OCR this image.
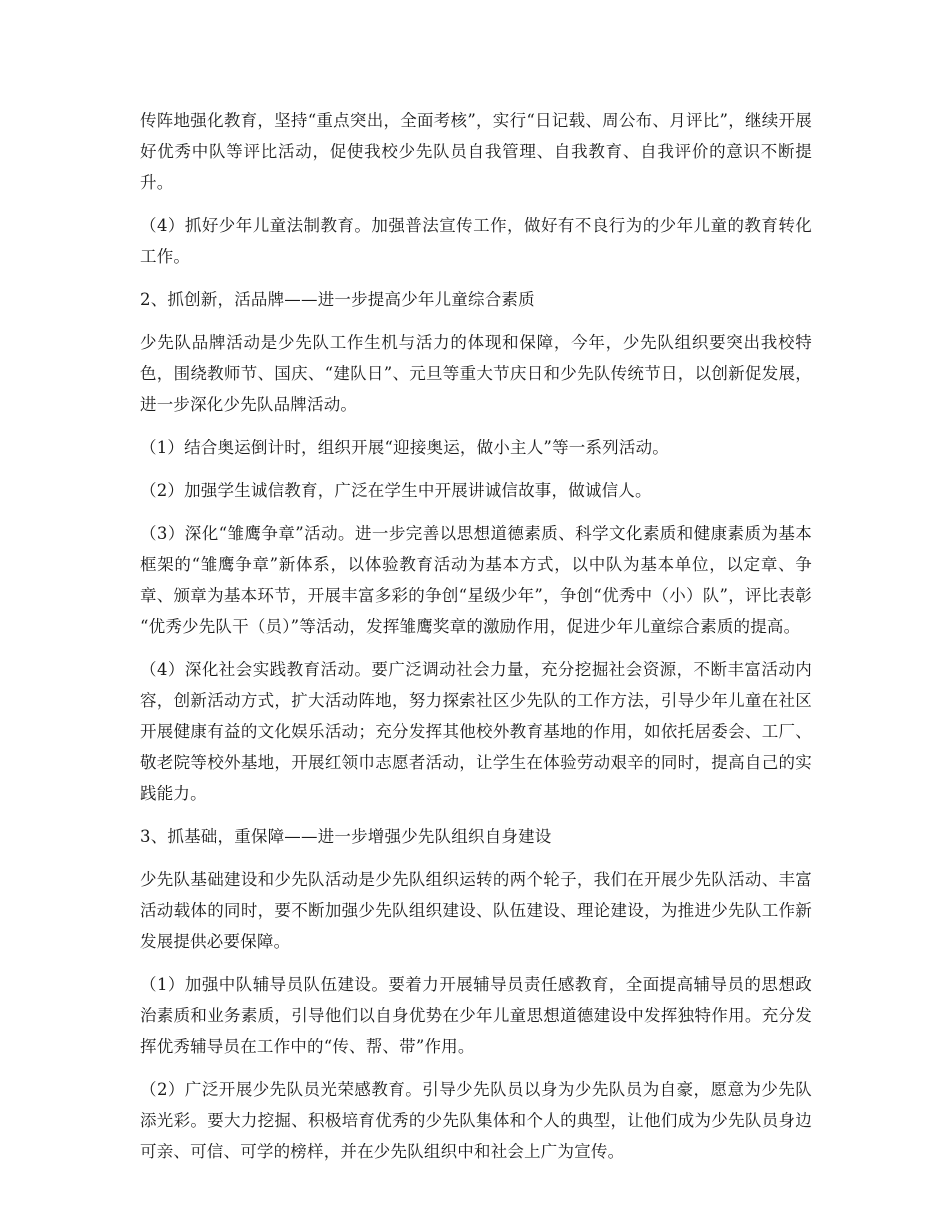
传阵地强化教育，坚持“重点突出，全面考核”，实行“日记载、周公布、月评比”，继续开展好优秀中队等评比活动，促使我校少先队员自我管理、自我教育、自我评价的意识不断提升。

（4）抓好少年儿童法制教育。加强普法宣传工作，做好有不良行为的少年儿童的教育转化工作。

2、抓创新，活品牌——进一步提高少年儿童综合素质

少先队品牌活动是少先队工作生机与活力的体现和保障，今年，少先队组织要突出我校特色，围绕教师节、国庆、“建队日”、元旦等重大节庆日和少先队传统节日，以创新促发展，进一步深化少先队品牌活动。

（1）结合奥运倒计时，组织开展“迎接奥运，做小主人”等一系列活动。

（2）加强学生诚信教育，广泛在学生中开展讲诚信故事，做诚信人。

（3）深化“雏鹰争章”活动。进一步完善以思想道德素质、科学文化素质和健康素质为基本框架的“雏鹰争章”新体系，以体验教育活动为基本方式，以中队为基本单位，以定章、争章、颁章为基本环节，开展丰富多彩的争创“星级少年”，争创“优秀中（小）队”，评比表彰 “优秀少先队干（员）”等活动，发挥雏鹰奖章的激励作用，促进少年儿童综合素质的提高。

（4）深化社会实践教育活动。要广泛调动社会力量，充分挖掘社会资源，不断丰富活动内容，创新活动方式，扩大活动阵地，努力探索社区少先队的工作方法，引导少年儿童在社区开展健康有益的文化娱乐活动；充分发挥其他校外教育基地的作用，如依托居委会、工厂、敬老院等校外基地，开展红领巾志愿者活动，让学生在体验劳动艰辛的同时，提高自己的实践能力。

3、抓基础，重保障——进一步增强少先队组织自身建设

少先队基础建设和少先队活动是少先队组织运转的两个轮子，我们在开展少先队活动、丰富活动载体的同时，要不断加强少先队组织建设、队伍建设、理论建设，为推进少先队工作新发展提供必要保障。

（1）加强中队辅导员队伍建设。要着力开展辅导员责任感教育，全面提高辅导员的思想政治素质和业务素质，引导他们以自身优势在少年儿童思想道德建设中发挥独特作用。充分发挥优秀辅导员在工作中的“传、帮、带”作用。

（2）广泛开展少先队员光荣感教育。引导少先队员以身为少先队员为自豪，愿意为少先队添光彩。要大力挖掘、积极培育优秀的少先队集体和个人的典型，让他们成为少先队员身边可亲、可信、可学的榜样，并在少先队组织中和社会上广为宣传。
